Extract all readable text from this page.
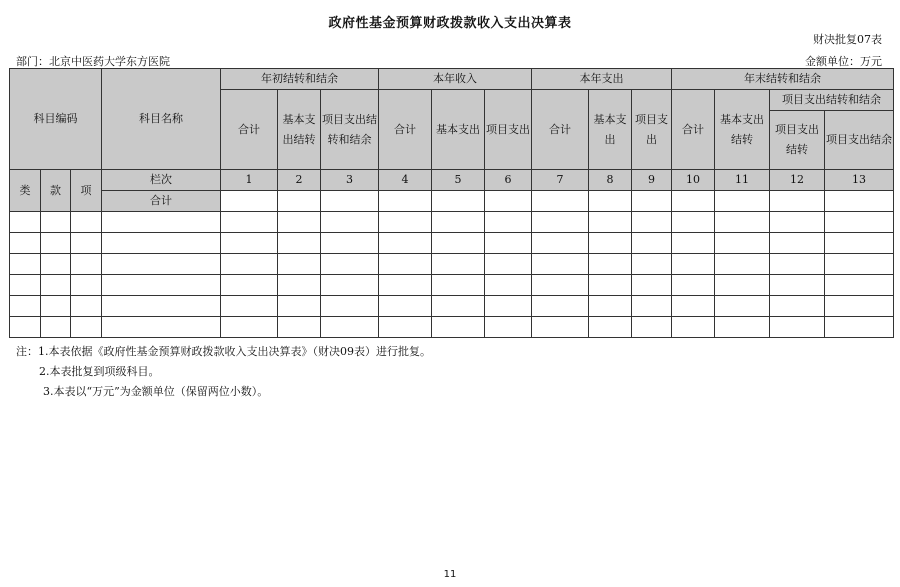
政府性基金预算财政拨款收入支出决算表
财决批复07表
部门：北京中医药大学东方医院	金额单位：万元
科目编码			科目名称	年初结转和结余			本年收入			本年支出			年末结转和结余			
				合计	基本支出结转	项目支出结转和结余	合计	基本支出	项目支出	合计	基本支出	项目支出	合计	基本支出结转	项目支出结转和结余	
															项目支出结转	项目支出结余
类	款	项	栏次	1	2	3	4	5	6	7	8	9	10	11	12	13
			合计													

注：1.本表依据《政府性基金预算财政拨款收入支出决算表》（财决09表）进行批复。
2.本表批复到项级科目。
3.本表以“万元”为金额单位（保留两位小数）。
11
